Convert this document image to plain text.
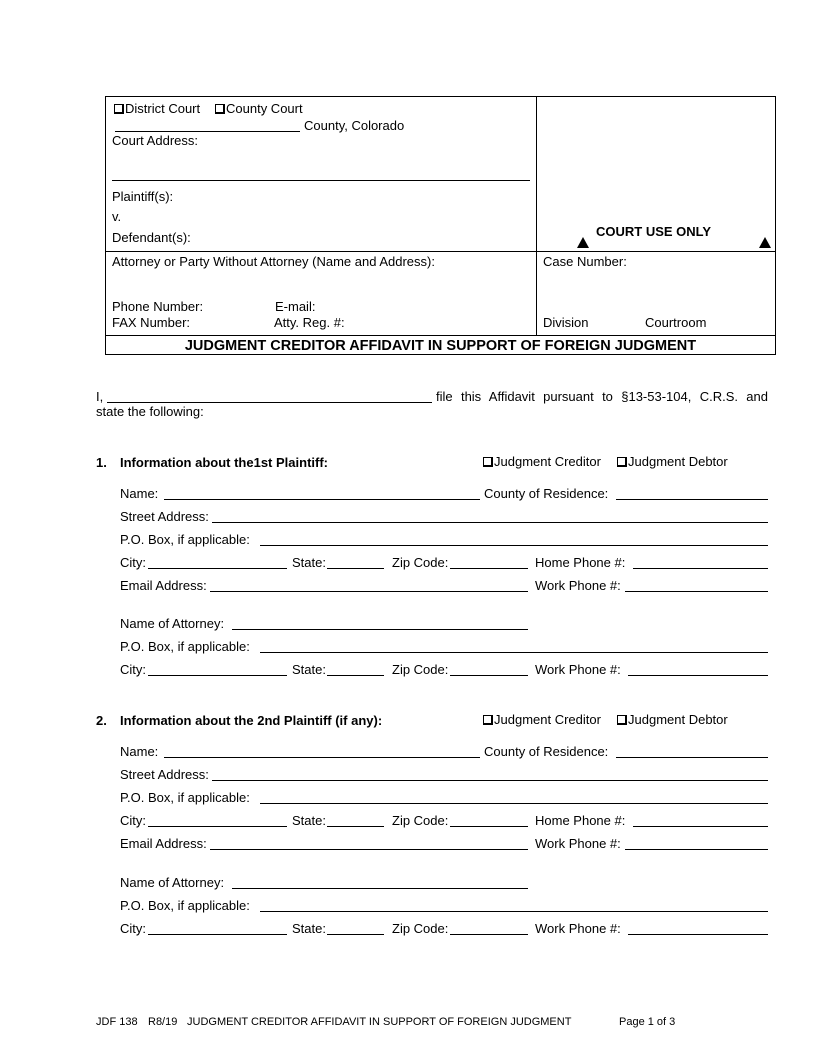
District Court	County Court
County, Colorado
Court Address:
Plaintiff(s):
v.
Defendant(s):	COURT USE ONLY
Attorney or Party Without Attorney (Name and Address):
Phone Number:	E-mail:
FAX Number:	Atty. Reg. #:
Case Number:
Division	Courtroom
JUDGMENT CREDITOR AFFIDAVIT IN SUPPORT OF FOREIGN JUDGMENT
I,	file this Affidavit pursuant to §13-53-104, C.R.S. and
state the following:
1. Information about the1st Plaintiff:	Judgment Creditor	Judgment Debtor
Name:	County of Residence:
Street Address:
P.O. Box, if applicable:
City:	State:	Zip Code:	Home Phone #:
Email Address:	Work Phone #:
Name of Attorney:
P.O. Box, if applicable:
City:	State:	Zip Code:	Work Phone #:
2. Information about the 2nd Plaintiff (if any):	Judgment Creditor	Judgment Debtor
Name:	County of Residence:
Street Address:
P.O. Box, if applicable:
City:	State:	Zip Code:	Home Phone #:
Email Address:	Work Phone #:
Name of Attorney:
P.O. Box, if applicable:
City:	State:	Zip Code:	Work Phone #:
JDF 138 R8/19 JUDGMENT CREDITOR AFFIDAVIT IN SUPPORT OF FOREIGN JUDGMENT	Page 1 of 3
